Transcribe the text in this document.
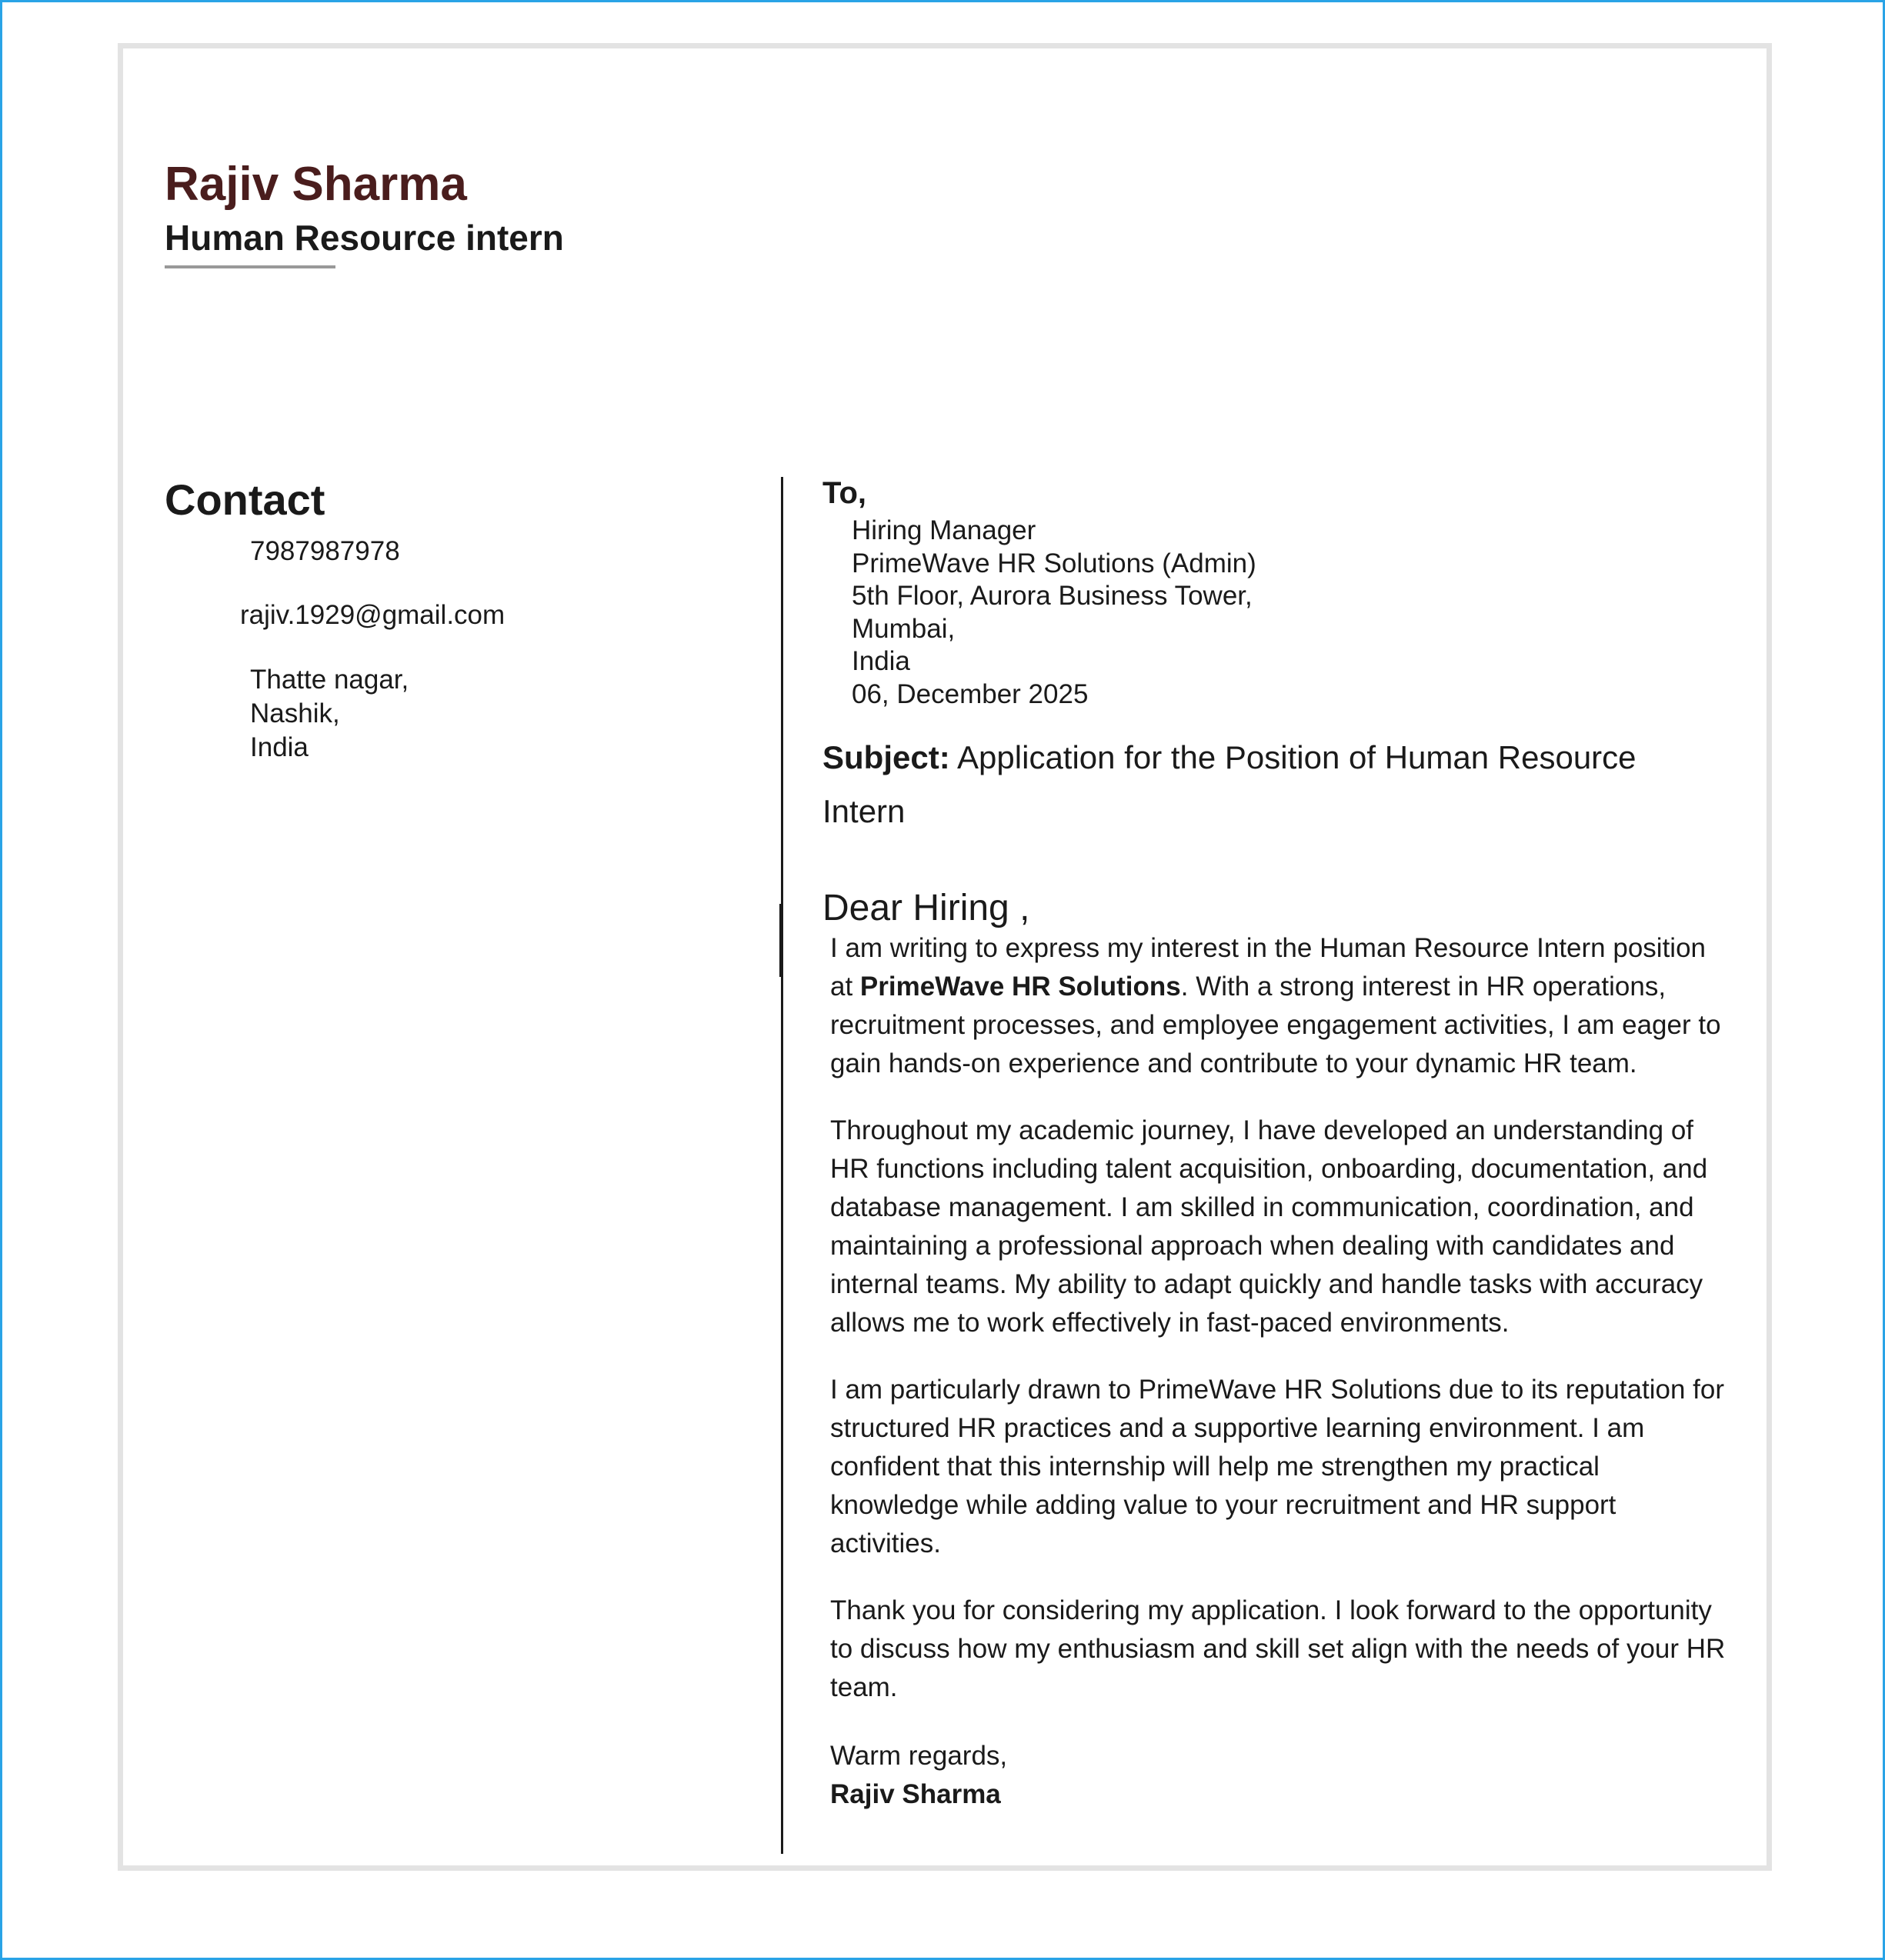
Rajiv Sharma
Human Resource intern
Contact
7987987978
rajiv.1929@gmail.com
Thatte nagar,
Nashik,
India
To,
Hiring Manager
PrimeWave HR Solutions (Admin)
5th Floor, Aurora Business Tower,
Mumbai,
India
06, December 2025
Subject: Application for the Position of Human Resource Intern
Dear Hiring ,

I am writing to express my interest in the Human Resource Intern position at PrimeWave HR Solutions. With a strong interest in HR operations, recruitment processes, and employee engagement activities, I am eager to gain hands-on experience and contribute to your dynamic HR team.

Throughout my academic journey, I have developed an understanding of HR functions including talent acquisition, onboarding, documentation, and database management. I am skilled in communication, coordination, and maintaining a professional approach when dealing with candidates and internal teams. My ability to adapt quickly and handle tasks with accuracy allows me to work effectively in fast-paced environments.

I am particularly drawn to PrimeWave HR Solutions due to its reputation for structured HR practices and a supportive learning environment. I am confident that this internship will help me strengthen my practical knowledge while adding value to your recruitment and HR support activities.

Thank you for considering my application. I look forward to the opportunity to discuss how my enthusiasm and skill set align with the needs of your HR team.

Warm regards,
Rajiv Sharma
